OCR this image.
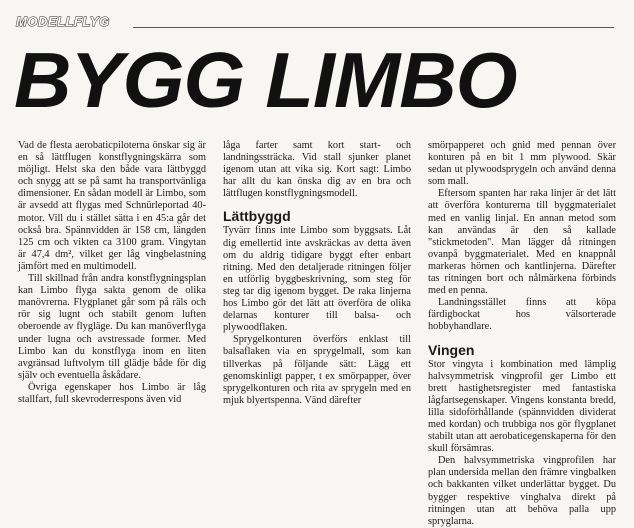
MODELLFLYG
BYGG LIMBO

Vad de flesta aerobaticpiloterna önskar sig är en så lättflugen konstflygningskärra som möjligt. Helst ska den både vara lättbyggd och snygg att se på samt ha transportvänliga dimensioner. En sådan modell är Limbo, som är avsedd att flygas med Schnürleportad 40-motor. Vill du i stället sätta i en 45:a går det också bra. Spännvidden är 158 cm, längden 125 cm och vikten ca 3100 gram. Vingytan är 47,4 dm², vilket ger låg vingbelastning jämfört med en multimodell.

Till skillnad från andra konstflygningsplan kan Limbo flyga sakta genom de olika manövrerna. Flygplanet går som på räls och rör sig lugnt och stabilt genom luften oberoende av flygläge. Du kan manöverflyga under lugna och avstressade former. Med Limbo kan du konstflyga inom en liten avgränsad luftvolym till glädje både för dig själv och eventuella åskådare.

Övriga egenskaper hos Limbo är låg stallfart, full skevroderrespons även vid

låga farter samt kort start- och landningssträcka. Vid stall sjunker planet igenom utan att vika sig. Kort sagt: Limbo har allt du kan önska dig av en bra och lättflugen konstflygningsmodell.

Lättbyggd

Tyvärr finns inte Limbo som byggsats. Låt dig emellertid inte avskräckas av detta även om du aldrig tidigare byggt efter enbart ritning. Med den detaljerade ritningen följer en utförlig byggbeskrivning, som steg för steg tar dig igenom bygget. De raka linjerna hos Limbo gör det lätt att överföra de olika delarnas konturer till balsa- och plywoodflaken.

Sprygelkonturen överförs enklast till balsaflaken via en sprygelmall, som kan tillverkas på följande sätt: Lägg ett genomskinligt papper, t ex smörpapper, över sprygelkonturen och rita av sprygeln med en mjuk blyertspenna. Vänd därefter

smörpapperet och gnid med pennan över konturen på en bit 1 mm plywood. Skär sedan ut plywoodsprygeln och använd denna som mall.

Eftersom spanten har raka linjer är det lätt att överföra konturerna till byggmaterialet med en vanlig linjal. En annan metod som kan användas är den så kallade "stickmetoden". Man lägger då ritningen ovanpå byggmaterialet. Med en knappnål markeras hörnen och kantlinjerna. Därefter tas ritningen bort och nålmärkena förbinds med en penna.

Landningsstället finns att köpa färdigbockat hos välsorterade hobbyhandlare.

Vingen

Stor vingyta i kombination med lämplig halvsymmetrisk vingprofil ger Limbo ett brett hastighetsregister med fantastiska lågfartsegenskaper. Vingens konstanta bredd, lilla sidoförhållande (spännvidden dividerat med kordan) och trubbiga nos gör flygplanet stabilt utan att aerobaticegenskaperna för den skull försämras.

Den halvsymmetriska vingprofilen har plan undersida mellan den främre vingbalken och bakkanten vilket underlättar bygget. Du bygger respektive vinghalva direkt på ritningen utan att behöva palla upp spryglarna.
